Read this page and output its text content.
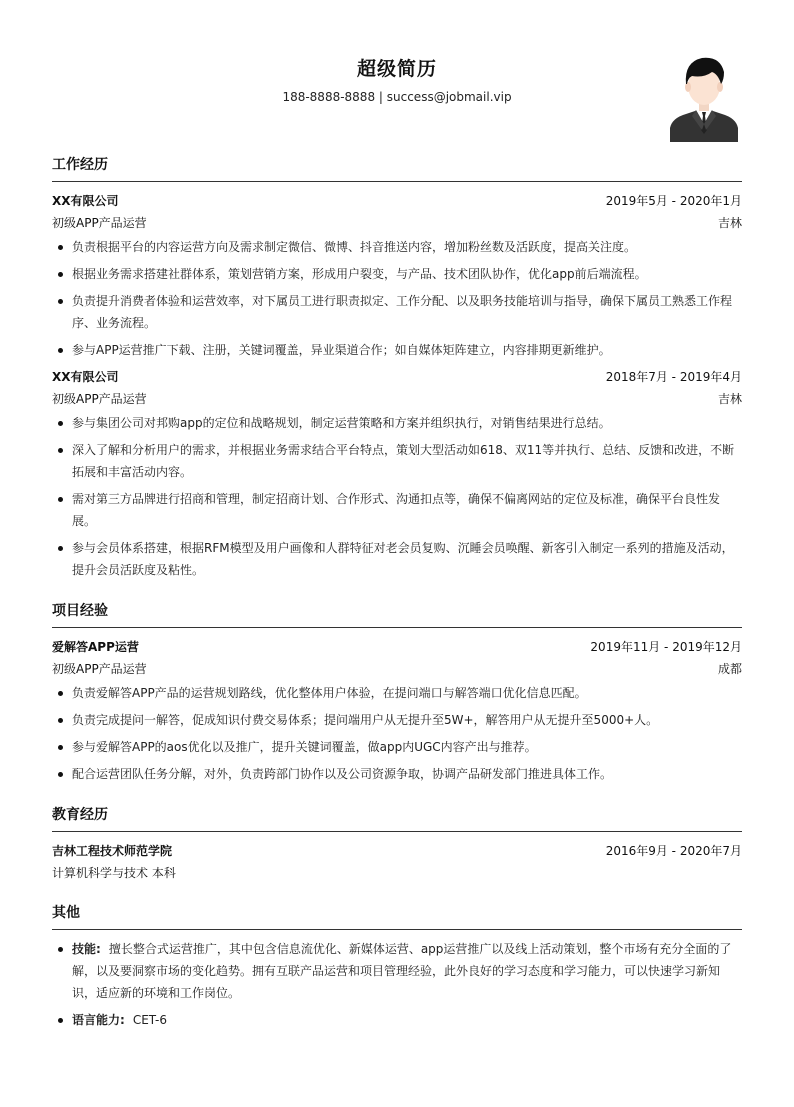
超级简历
188-8888-8888 | success@jobmail.vip
工作经历
XX有限公司	2019年5月 - 2020年1月
初级APP产品运营	吉林
负责根据平台的内容运营方向及需求制定微信、微博、抖音推送内容，增加粉丝数及活跃度，提高关注度。
根据业务需求搭建社群体系，策划营销方案，形成用户裂变，与产品、技术团队协作，优化app前后端流程。
负责提升消费者体验和运营效率，对下属员工进行职责拟定、工作分配、以及职务技能培训与指导，确保下属员工熟悉工作程序、业务流程。
参与APP运营推广下载、注册，关键词覆盖，异业渠道合作；如自媒体矩阵建立，内容排期更新维护。
XX有限公司	2018年7月 - 2019年4月
初级APP产品运营	吉林
参与集团公司对邦购app的定位和战略规划，制定运营策略和方案并组织执行，对销售结果进行总结。
深入了解和分析用户的需求，并根据业务需求结合平台特点，策划大型活动如618、双11等并执行、总结、反馈和改进，不断拓展和丰富活动内容。
需对第三方品牌进行招商和管理，制定招商计划、合作形式、沟通扣点等，确保不偏离网站的定位及标准，确保平台良性发展。
参与会员体系搭建，根据RFM模型及用户画像和人群特征对老会员复购、沉睡会员唤醒、新客引入制定一系列的措施及活动，提升会员活跃度及粘性。
项目经验
爱解答APP运营	2019年11月 - 2019年12月
初级APP产品运营	成都
负责爱解答APP产品的运营规划路线，优化整体用户体验，在提问端口与解答端口优化信息匹配。
负责完成提问一解答，促成知识付费交易体系；提问端用户从无提升至5W+，解答用户从无提升至5000+人。
参与爱解答APP的aos优化以及推广，提升关键词覆盖，做app内UGC内容产出与推荐。
配合运营团队任务分解，对外，负责跨部门协作以及公司资源争取，协调产品研发部门推进具体工作。
教育经历
吉林工程技术师范学院	2016年9月 - 2020年7月
计算机科学与技术 本科
其他
技能: 擅长整合式运营推广，其中包含信息流优化、新媒体运营、app运营推广以及线上活动策划，整个市场有充分全面的了解，以及要洞察市场的变化趋势。拥有互联产品运营和项目管理经验，此外良好的学习态度和学习能力，可以快速学习新知识，适应新的环境和工作岗位。
语言能力: CET-6
